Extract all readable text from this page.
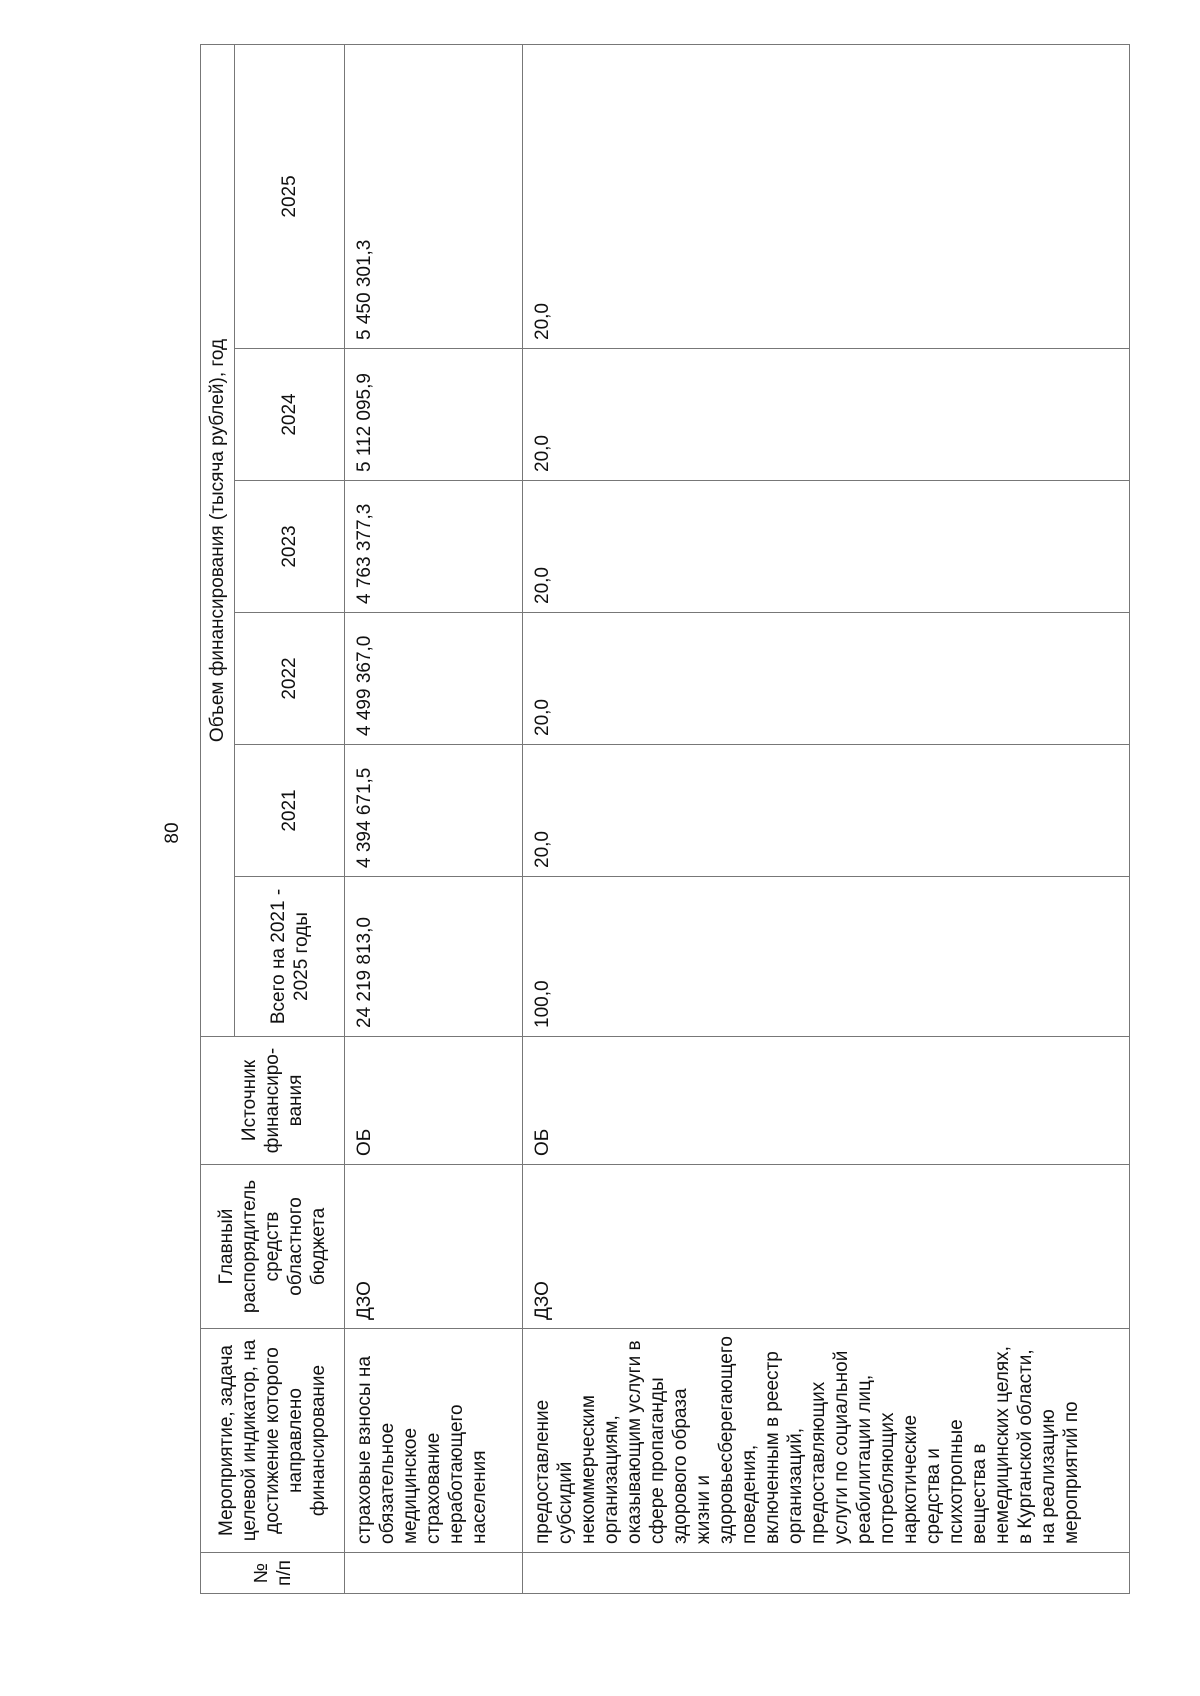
80
№ п/п	Мероприятие, задача целевой индикатор, на достижение которого направлено финансирование	Главный распорядитель средств областного бюджета	Источник финансиро-вания	Объем финансирования (тысяча рублей), год					
				Всего на 2021 - 2025 годы	2021	2022	2023	2024	2025
	страховые взносы на обязательное медицинское страхование неработающего населения	ДЗО	ОБ	24 219 813,0	4 394 671,5	4 499 367,0	4 763 377,3	5 112 095,9	5 450 301,3
	предоставление субсидий некоммерческим организациям, оказывающим услуги в сфере пропаганды здорового образа жизни и здоровьесберегающего поведения, включенным в реестр организаций, предоставляющих услуги по социальной реабилитации лиц, потребляющих наркотические средства и психотропные вещества в немедицинских целях, в Курганской области, на реализацию мероприятий по	ДЗО	ОБ	100,0	20,0	20,0	20,0	20,0	20,0
